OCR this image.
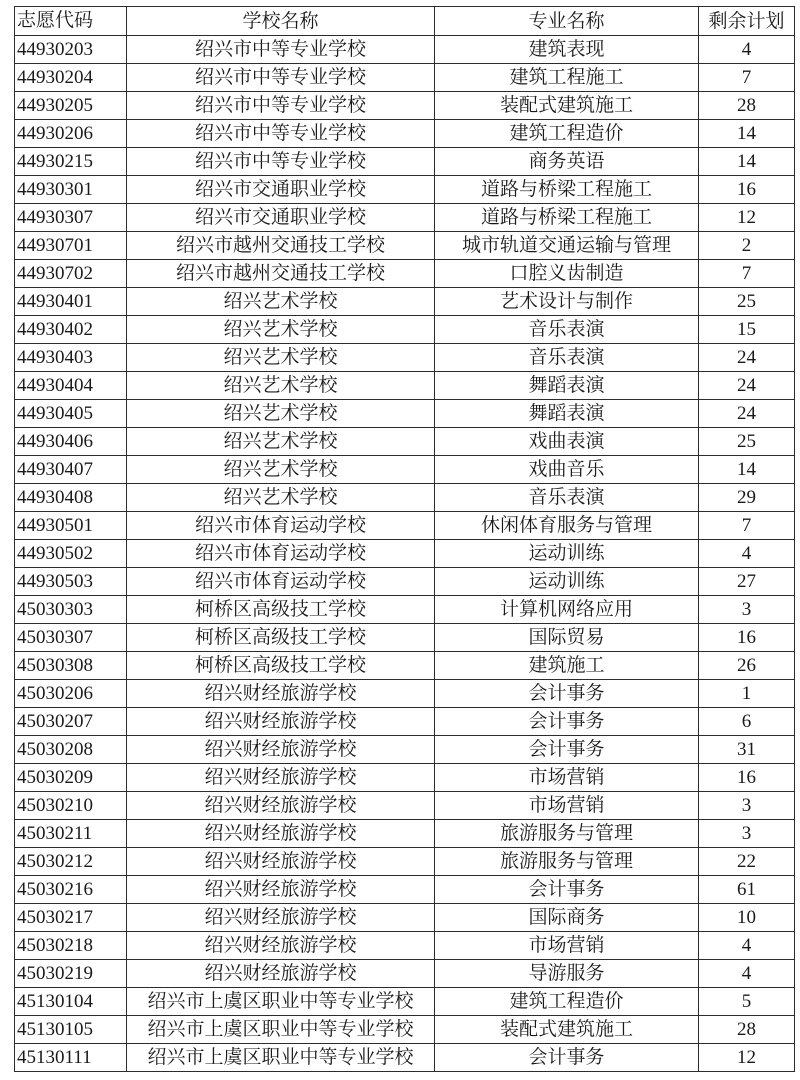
志愿代码	学校名称	专业名称	剩余计划
44930203	绍兴市中等专业学校	建筑表现	4
44930204	绍兴市中等专业学校	建筑工程施工	7
44930205	绍兴市中等专业学校	装配式建筑施工	28
44930206	绍兴市中等专业学校	建筑工程造价	14
44930215	绍兴市中等专业学校	商务英语	14
44930301	绍兴市交通职业学校	道路与桥梁工程施工	16
44930307	绍兴市交通职业学校	道路与桥梁工程施工	12
44930701	绍兴市越州交通技工学校	城市轨道交通运输与管理	2
44930702	绍兴市越州交通技工学校	口腔义齿制造	7
44930401	绍兴艺术学校	艺术设计与制作	25
44930402	绍兴艺术学校	音乐表演	15
44930403	绍兴艺术学校	音乐表演	24
44930404	绍兴艺术学校	舞蹈表演	24
44930405	绍兴艺术学校	舞蹈表演	24
44930406	绍兴艺术学校	戏曲表演	25
44930407	绍兴艺术学校	戏曲音乐	14
44930408	绍兴艺术学校	音乐表演	29
44930501	绍兴市体育运动学校	休闲体育服务与管理	7
44930502	绍兴市体育运动学校	运动训练	4
44930503	绍兴市体育运动学校	运动训练	27
45030303	柯桥区高级技工学校	计算机网络应用	3
45030307	柯桥区高级技工学校	国际贸易	16
45030308	柯桥区高级技工学校	建筑施工	26
45030206	绍兴财经旅游学校	会计事务	1
45030207	绍兴财经旅游学校	会计事务	6
45030208	绍兴财经旅游学校	会计事务	31
45030209	绍兴财经旅游学校	市场营销	16
45030210	绍兴财经旅游学校	市场营销	3
45030211	绍兴财经旅游学校	旅游服务与管理	3
45030212	绍兴财经旅游学校	旅游服务与管理	22
45030216	绍兴财经旅游学校	会计事务	61
45030217	绍兴财经旅游学校	国际商务	10
45030218	绍兴财经旅游学校	市场营销	4
45030219	绍兴财经旅游学校	导游服务	4
45130104	绍兴市上虞区职业中等专业学校	建筑工程造价	5
45130105	绍兴市上虞区职业中等专业学校	装配式建筑施工	28
45130111	绍兴市上虞区职业中等专业学校	会计事务	12
